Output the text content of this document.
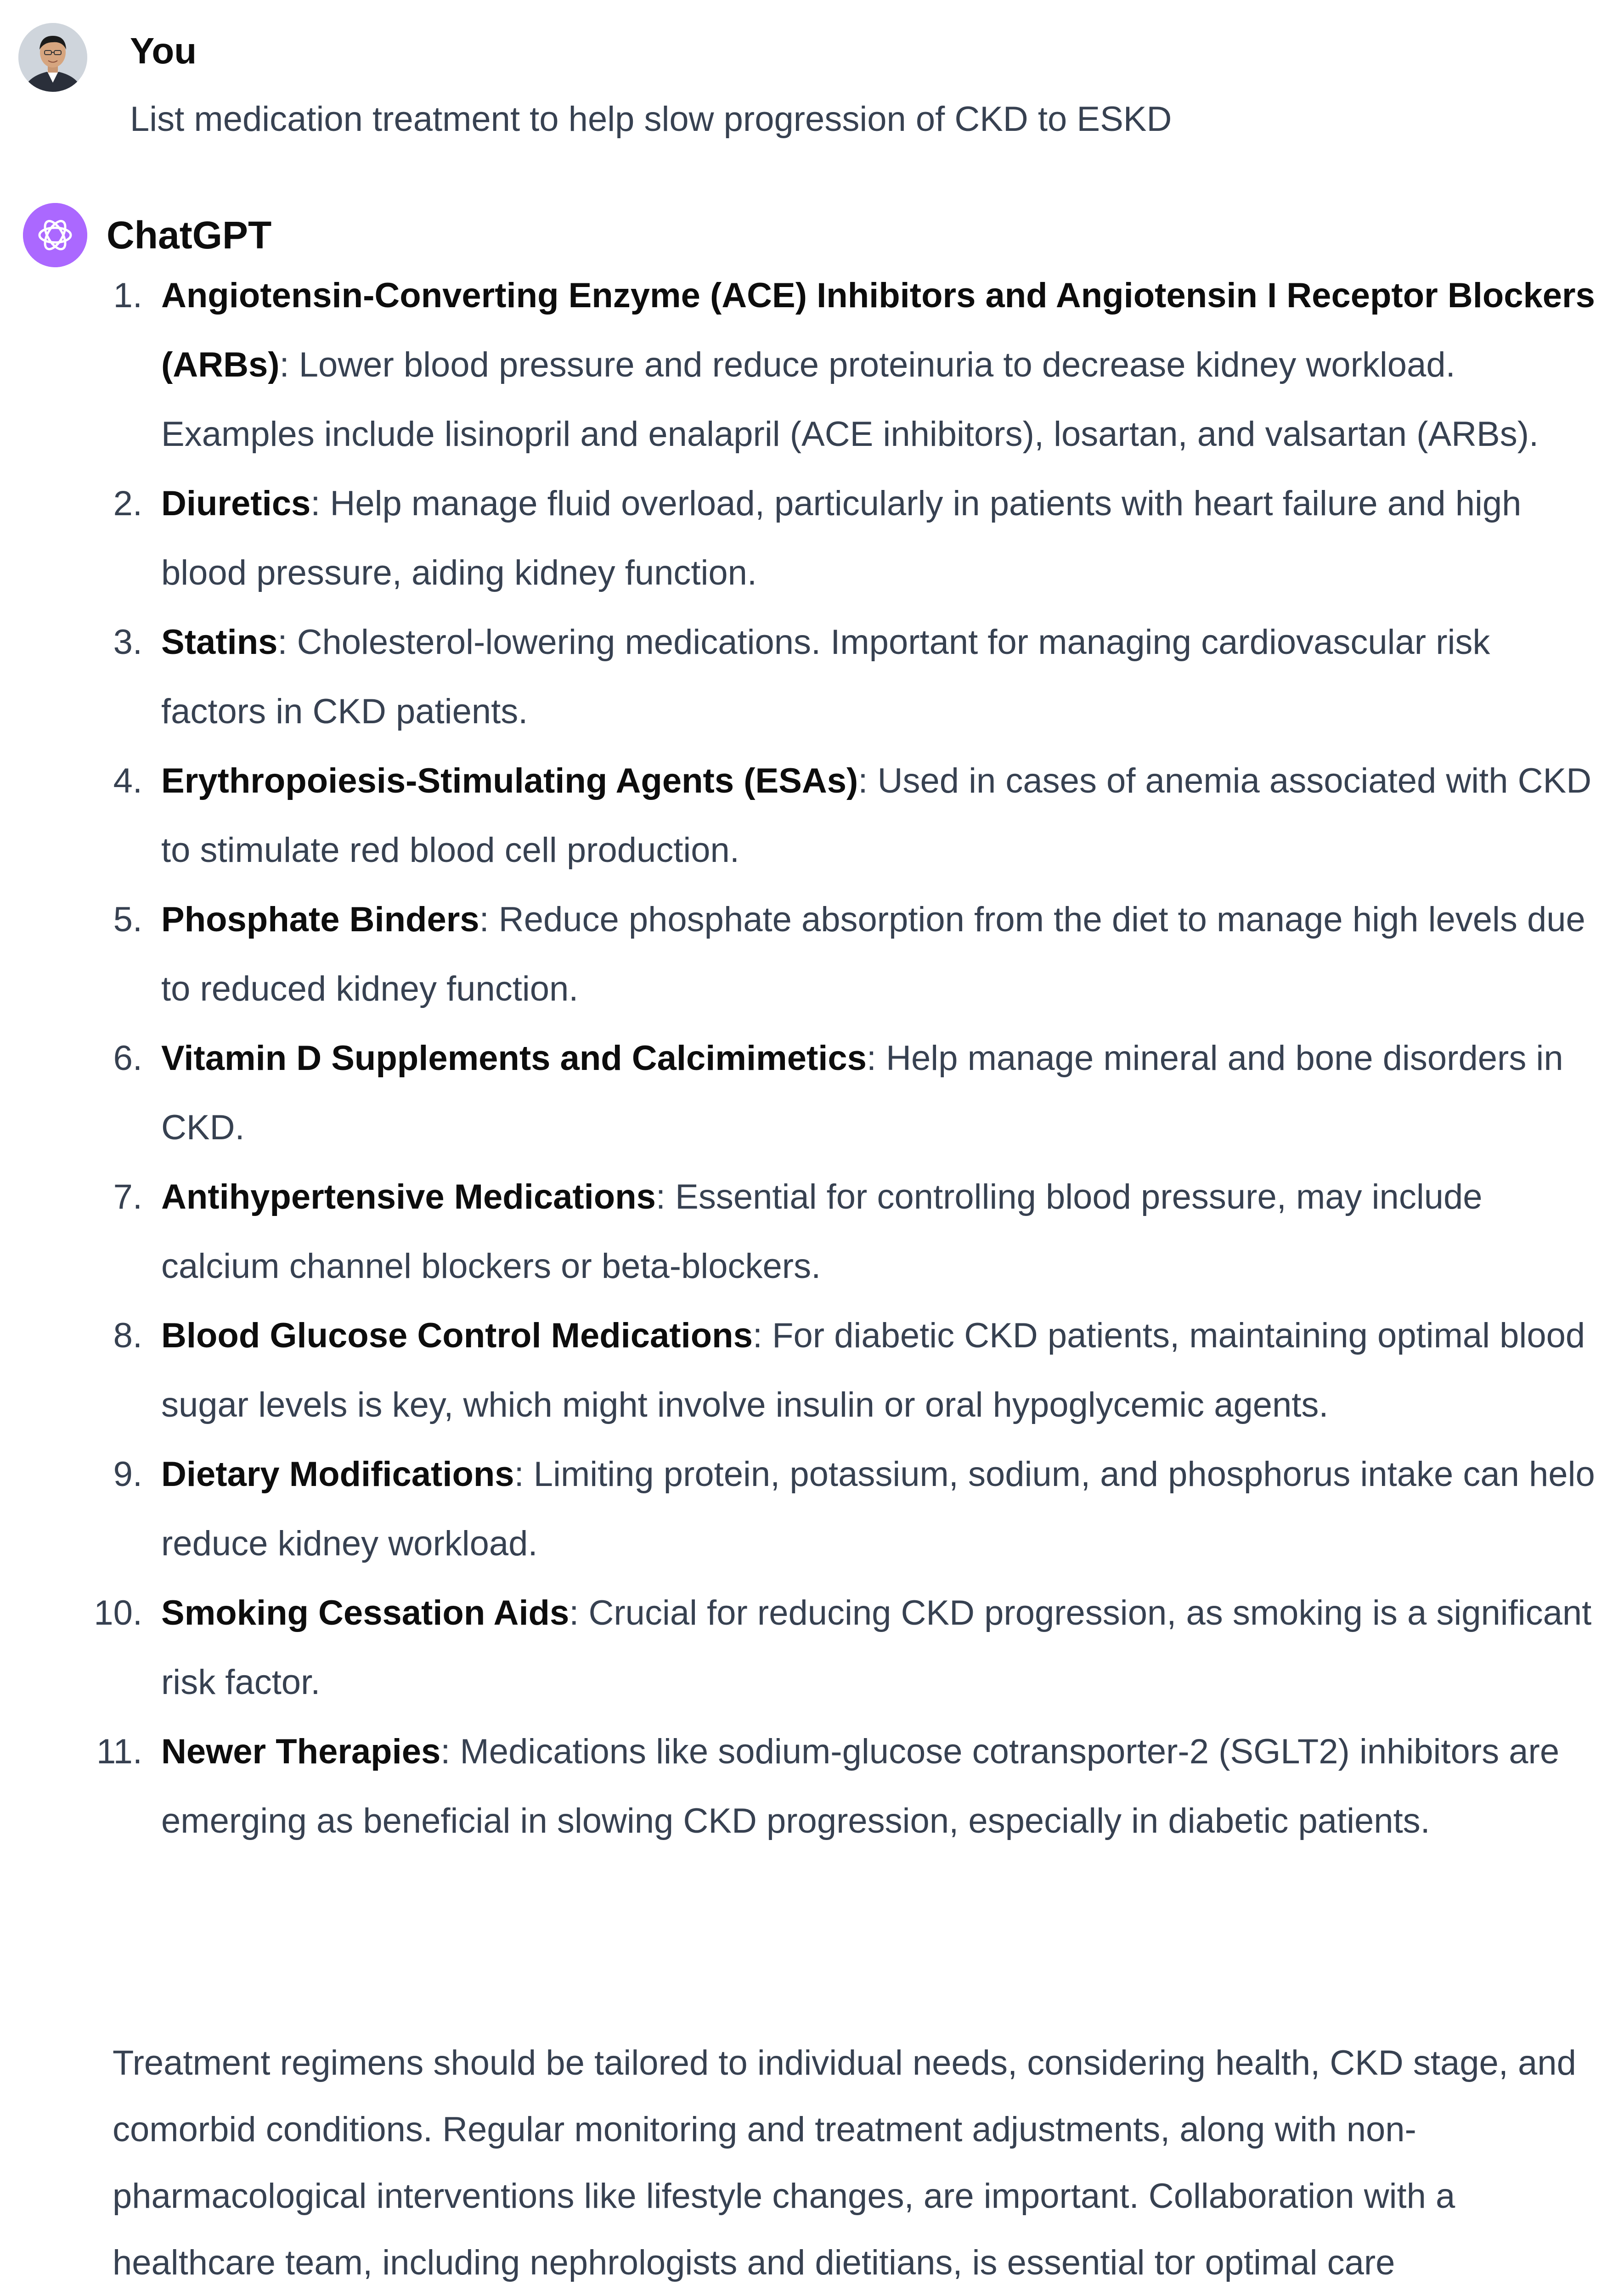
You
List medication treatment to help slow progression of CKD to ESKD
ChatGPT
1. Angiotensin-Converting Enzyme (ACE) Inhibitors and Angiotensin I Receptor Blockers (ARBs): Lower blood pressure and reduce proteinuria to decrease kidney workload. Examples include lisinopril and enalapril (ACE inhibitors), losartan, and valsartan (ARBs).
2. Diuretics: Help manage fluid overload, particularly in patients with heart failure and high blood pressure, aiding kidney function.
3. Statins: Cholesterol-lowering medications. Important for managing cardiovascular risk factors in CKD patients.
4. Erythropoiesis-Stimulating Agents (ESAs): Used in cases of anemia associated with CKD to stimulate red blood cell production.
5. Phosphate Binders: Reduce phosphate absorption from the diet to manage high levels due to reduced kidney function.
6. Vitamin D Supplements and Calcimimetics: Help manage mineral and bone disorders in CKD.
7. Antihypertensive Medications: Essential for controlling blood pressure, may include calcium channel blockers or beta-blockers.
8. Blood Glucose Control Medications: For diabetic CKD patients, maintaining optimal blood sugar levels is key, which might involve insulin or oral hypoglycemic agents.
9. Dietary Modifications: Limiting protein, potassium, sodium, and phosphorus intake can helo reduce kidney workload.
10. Smoking Cessation Aids: Crucial for reducing CKD progression, as smoking is a significant risk factor.
11. Newer Therapies: Medications like sodium-glucose cotransporter-2 (SGLT2) inhibitors are emerging as beneficial in slowing CKD progression, especially in diabetic patients.

Treatment regimens should be tailored to individual needs, considering health, CKD stage, and comorbid conditions. Regular monitoring and treatment adjustments, along with non-pharmacological interventions like lifestyle changes, are important. Collaboration with a healthcare team, including nephrologists and dietitians, is essential tor optimal care
